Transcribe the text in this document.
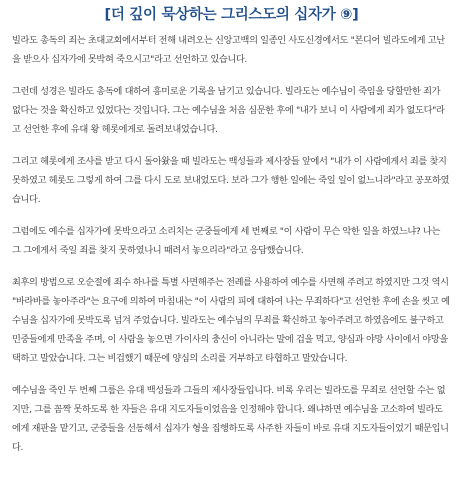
[더 깊이 묵상하는 그리스도의 십자가 ⑨]

빌라도 총독의 죄는 초대교회에서부터 전해 내려오는 신앙고백의 일종인 사도신경에서도 "본디어 빌라도에게 고난을 받으사 십자가에 못박혀 죽으시고"라고 선언하고 있습니다.

그런데 성경은 빌라도 총독에 대하여 흥미로운 기록을 남기고 있습니다. 빌라도는 예수님이 죽임을 당할만한 죄가 없다는 것을 확신하고 있었다는 것입니다. 그는 예수님을 처음 심문한 후에 "내가 보니 이 사람에게 죄가 없도다"라고 선언한 후에 유대 왕 헤롯에게로 돌려보내었습니다.

그리고 헤롯에게 조사를 받고 다시 돌아왔을 때 빌라도는 백성들과 제사장들 앞에서 "내가 이 사람에게서 죄를 찾지 못하였고 헤롯도 그렇게 하여 그를 다시 도로 보내었도다. 보라 그가 행한 일에는 죽일 일이 없느니라"라고 공포하였습니다.

그럼에도 예수를 십자가에 못박으라고 소리치는 군중들에게 세 번째로 "이 사람이 무슨 악한 일을 하였느냐? 나는 그 그에게서 죽일 죄를 찾지 못하였나니 때려서 놓으리라"라고 응답했습니다.

최후의 방법으로 오순절에 죄수 하나를 특별 사면해주는 전례를 사용하여 예수를 사면해 주려고 하였지만 그것 역시 "바라바를 놓아주라"는 요구에 의하여 마침내는 "이 사람의 피에 대하여 나는 무죄하다"고 선언한 후에 손을 씻고 예수님을 십자가에 못박도록 넘겨 주었습니다. 빌라도는 예수님의 무죄를 확신하고 놓아주려고 하였음에도 불구하고 민중들에게 만족을 주며, 이 사람을 놓으면 가이사의 충신이 아니라는 말에 겁을 먹고, 양심과 야망 사이에서 야망을 택하고 말았습니다. 그는 비겁했기 때문에 양심의 소리를 거부하고 타협하고 말았습니다.

예수님을 죽인 두 번째 그룹은 유대 백성들과 그들의 제사장들입니다. 비록 우리는 빌라도를 무죄로 선언할 수는 없지만, 그를 꼼짝 못하도록 한 자들은 유대 지도자들이었음을 인정해야 합니다. 왜냐하면 예수님을 고소하여 빌라도에게 재판을 맡기고, 군중들을 선동해서 십자가 형을 집행하도록 사주한 자들이 바로 유대 지도자들이었기 때문입니다.
